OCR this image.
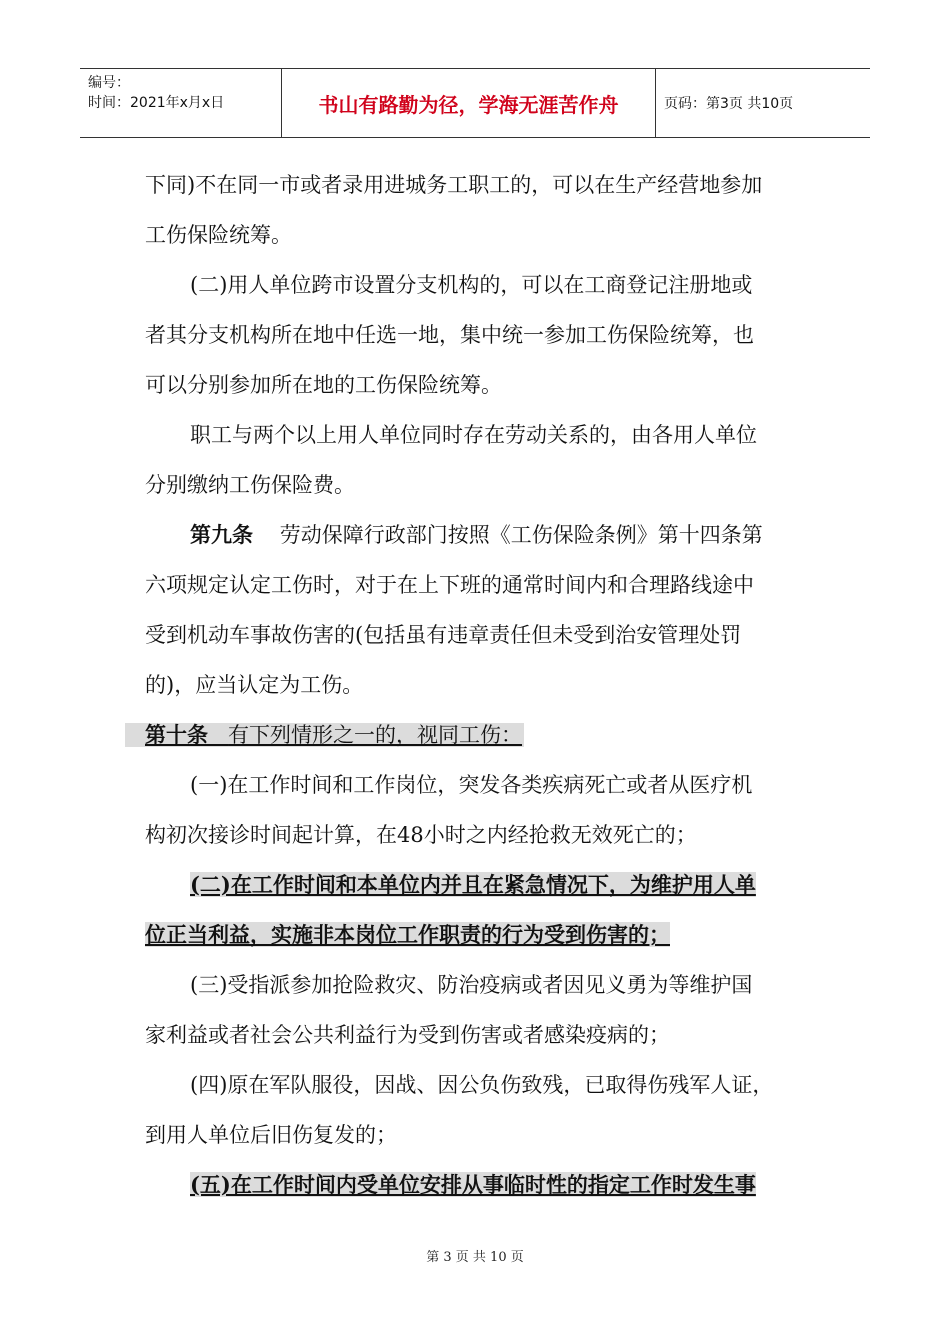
编号：
时间：2021年x月x日	书山有路勤为径，学海无涯苦作舟	页码：第3页 共10页
下同)不在同一市或者录用进城务工职工的，可以在生产经营地参加
工伤保险统筹。
(二)用人单位跨市设置分支机构的，可以在工商登记注册地或
者其分支机构所在地中任选一地，集中统一参加工伤保险统筹，也
可以分别参加所在地的工伤保险统筹。
职工与两个以上用人单位同时存在劳动关系的，由各用人单位
分别缴纳工伤保险费。
第九条 劳动保障行政部门按照《工伤保险条例》第十四条第
六项规定认定工伤时，对于在上下班的通常时间内和合理路线途中
受到机动车事故伤害的(包括虽有违章责任但未受到治安管理处罚
的)，应当认定为工伤。
第十条 有下列情形之一的，视同工伤：
(一)在工作时间和工作岗位，突发各类疾病死亡或者从医疗机
构初次接诊时间起计算，在48小时之内经抢救无效死亡的；
(二)在工作时间和本单位内并且在紧急情况下，为维护用人单
位正当利益，实施非本岗位工作职责的行为受到伤害的；
(三)受指派参加抢险救灾、防治疫病或者因见义勇为等维护国
家利益或者社会公共利益行为受到伤害或者感染疫病的；
(四)原在军队服役，因战、因公负伤致残，已取得伤残军人证，
到用人单位后旧伤复发的；
(五)在工作时间内受单位安排从事临时性的指定工作时发生事
第 3 页 共 10 页
